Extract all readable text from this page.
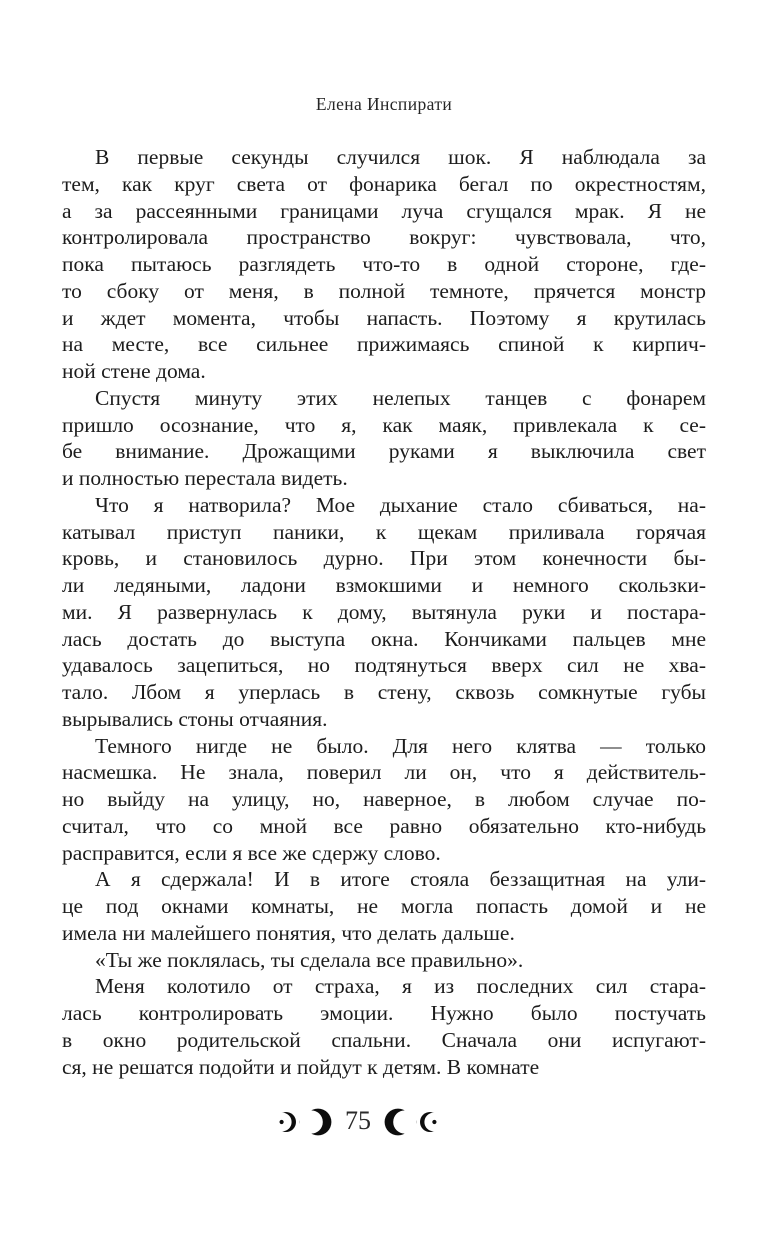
Елена Инспирати
В первые секунды случился шок. Я наблюдала за
тем, как круг света от фонарика бегал по окрестностям,
а за рассеянными границами луча сгущался мрак. Я не
контролировала пространство вокруг: чувствовала, что,
пока пытаюсь разглядеть что-то в одной стороне, где-
то сбоку от меня, в полной темноте, прячется монстр
и ждет момента, чтобы напасть. Поэтому я крутилась
на месте, все сильнее прижимаясь спиной к кирпич-
ной стене дома.
Спустя минуту этих нелепых танцев с фонарем
пришло осознание, что я, как маяк, привлекала к се-
бе внимание. Дрожащими руками я выключила свет
и полностью перестала видеть.
Что я натворила? Мое дыхание стало сбиваться, на-
катывал приступ паники, к щекам приливала горячая
кровь, и становилось дурно. При этом конечности бы-
ли ледяными, ладони взмокшими и немного скользки-
ми. Я развернулась к дому, вытянула руки и постара-
лась достать до выступа окна. Кончиками пальцев мне
удавалось зацепиться, но подтянуться вверх сил не хва-
тало. Лбом я уперлась в стену, сквозь сомкнутые губы
вырывались стоны отчаяния.
Темного нигде не было. Для него клятва — только
насмешка. Не знала, поверил ли он, что я действитель-
но выйду на улицу, но, наверное, в любом случае по-
считал, что со мной все равно обязательно кто-нибудь
расправится, если я все же сдержу слово.
А я сдержала! И в итоге стояла беззащитная на ули-
це под окнами комнаты, не могла попасть домой и не
имела ни малейшего понятия, что делать дальше.
«Ты же поклялась, ты сделала все правильно».
Меня колотило от страха, я из последних сил стара-
лась контролировать эмоции. Нужно было постучать
в окно родительской спальни. Сначала они испугают-
ся, не решатся подойти и пойдут к детям. В комнате
75
